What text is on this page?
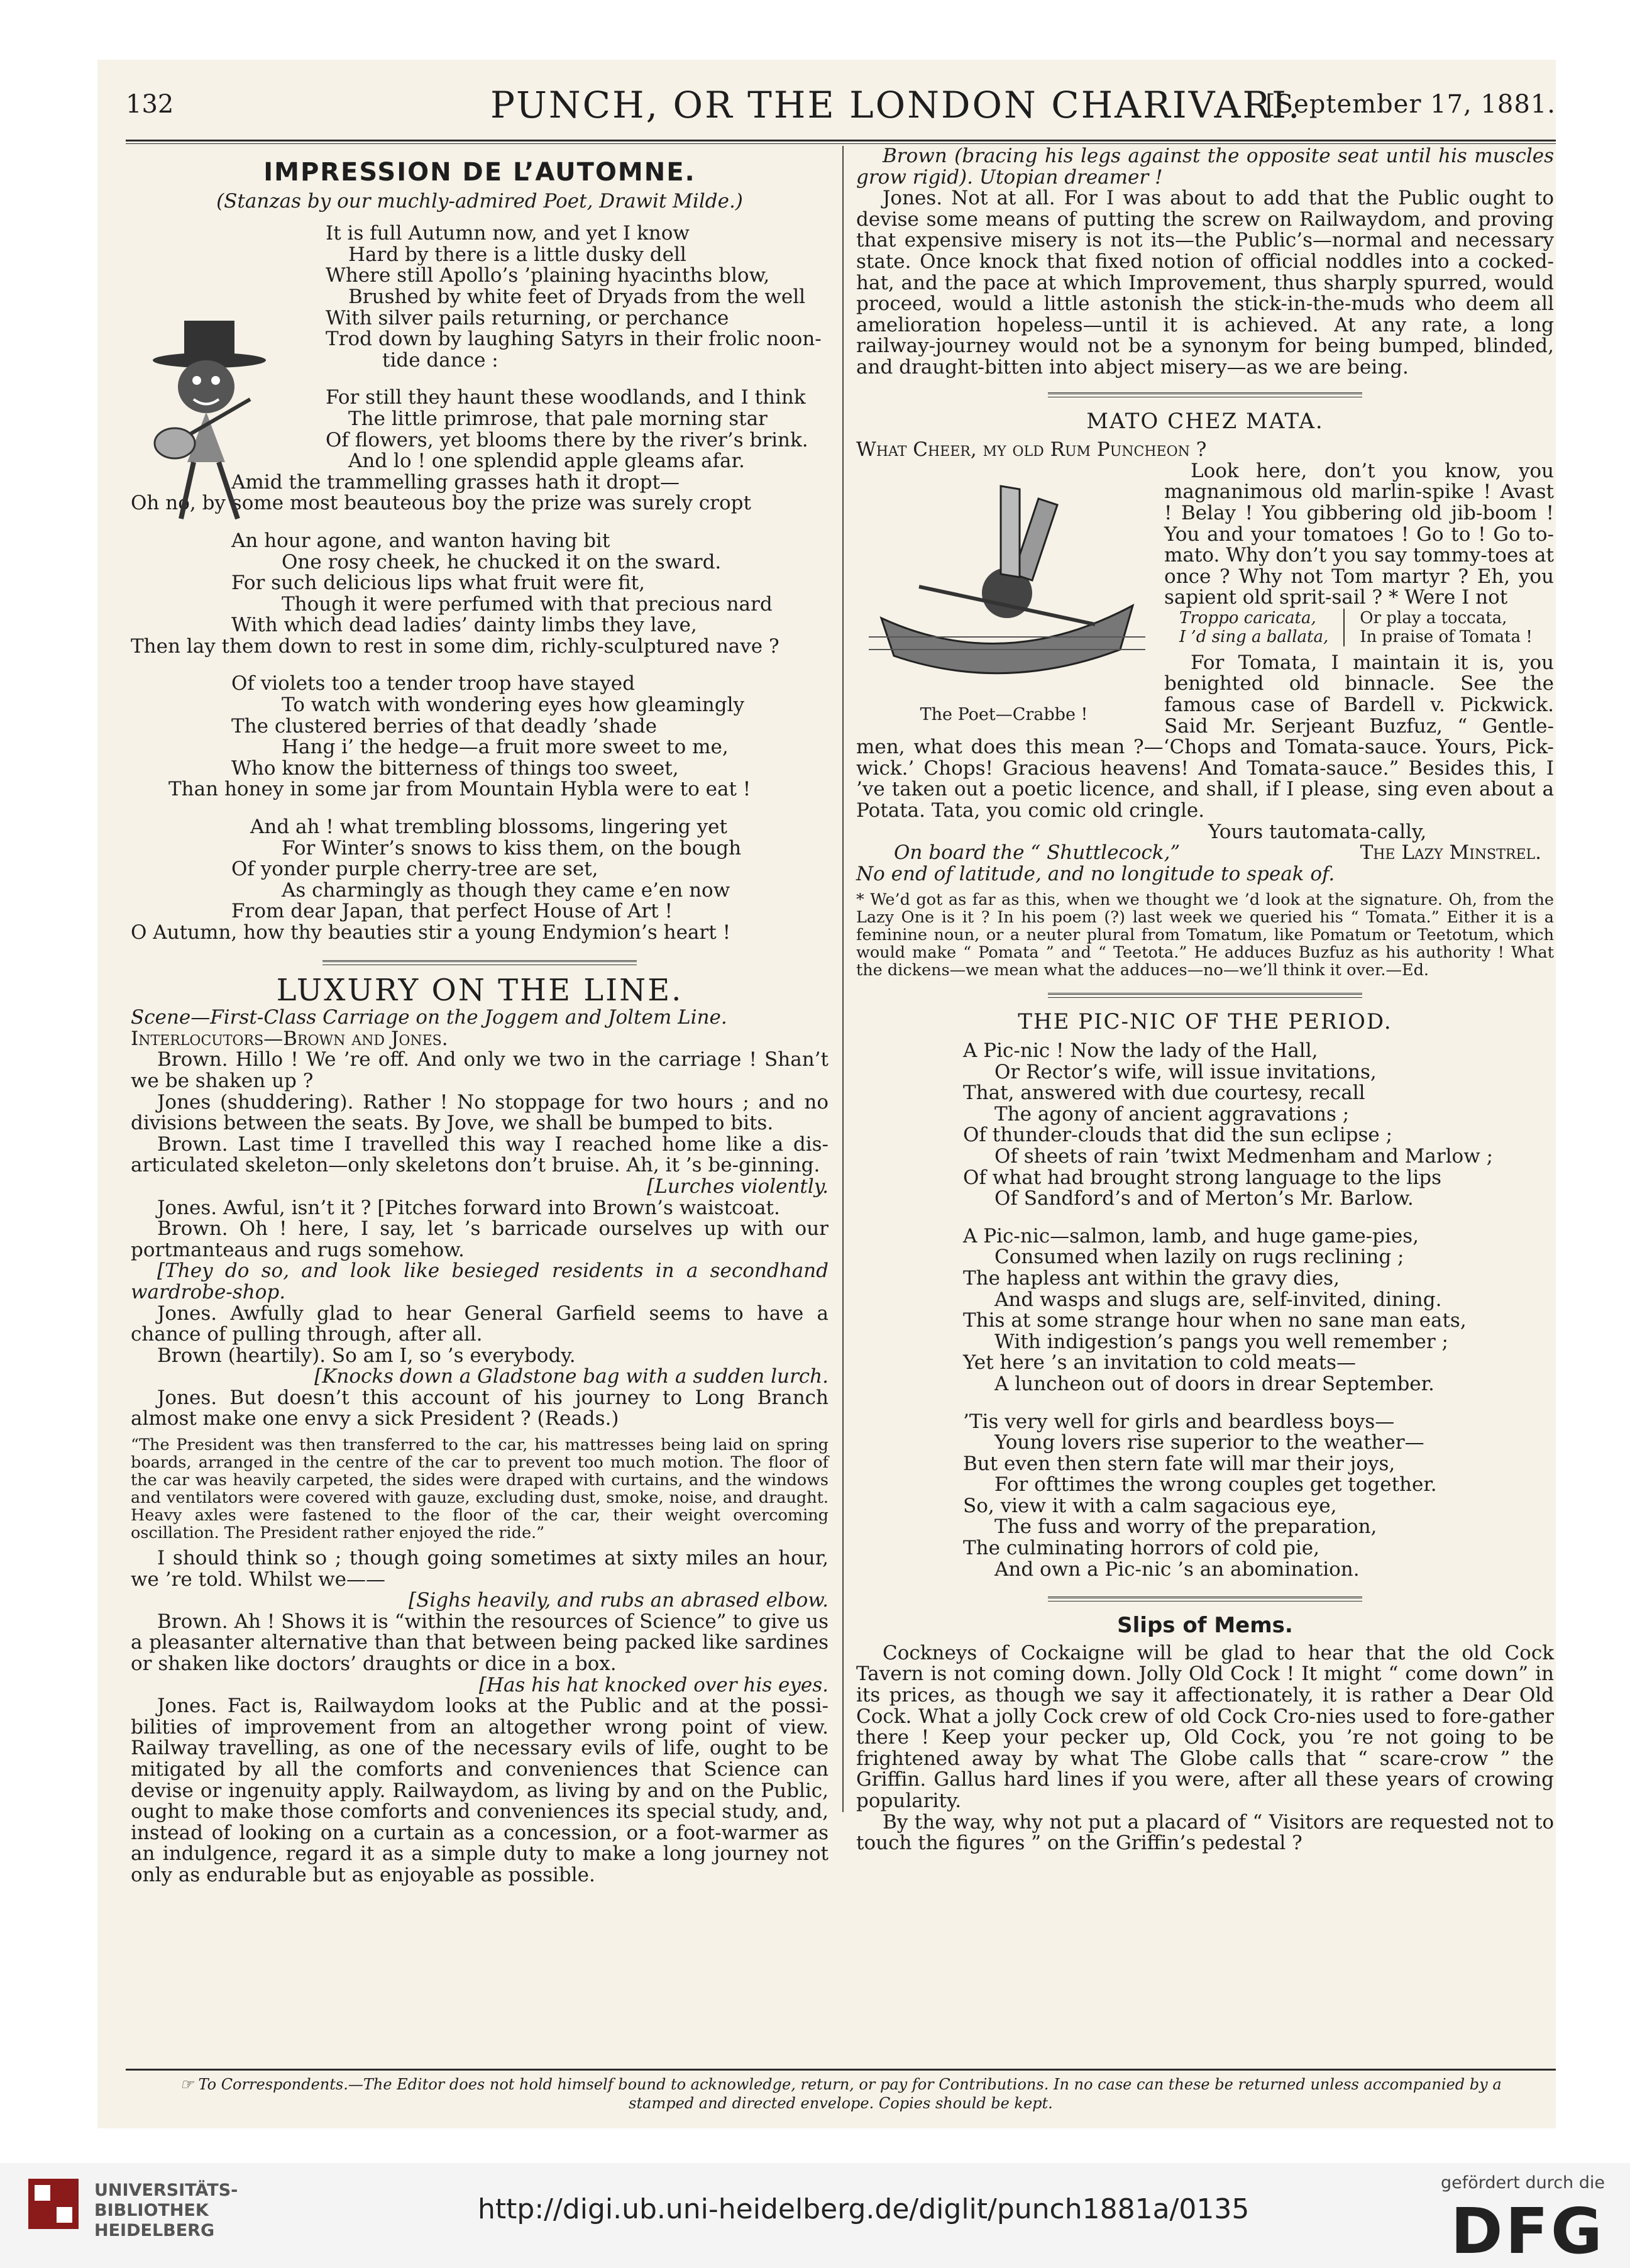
132	PUNCH, OR THE LONDON CHARIVARI.
[September 17, 1881.
IMPRESSION DE L’AUTOMNE.
(Stanzas by our muchly-admired Poet, Drawit Milde.)
It is full Autumn now, and yet I know
Hard by there is a little dusky dell
Where still Apollo’s ’plaining hyacinths blow,
Brushed by white feet of Dryads from the well
With silver pails returning, or perchance
Trod down by laughing Satyrs in their frolic noon-
tide dance :
For still they haunt these woodlands, and I think
The little primrose, that pale morning star
Of flowers, yet blooms there by the river’s brink.
And lo ! one splendid apple gleams afar.
Amid the trammelling grasses hath it dropt—
Oh no, by some most beauteous boy the prize was surely cropt
An hour agone, and wanton having bit
One rosy cheek, he chucked it on the sward.
For such delicious lips what fruit were fit,
Though it were perfumed with that precious nard
With which dead ladies’ dainty limbs they lave,
Then lay them down to rest in some dim, richly-sculptured nave ?
Of violets too a tender troop have stayed
To watch with wondering eyes how gleamingly
The clustered berries of that deadly ’shade
Hang i’ the hedge—a fruit more sweet to me,
Who know the bitterness of things too sweet,
Than honey in some jar from Mountain Hybla were to eat !
And ah ! what trembling blossoms, lingering yet
For Winter’s snows to kiss them, on the bough
Of yonder purple cherry-tree are set,
As charmingly as though they came e’en now
From dear Japan, that perfect House of Art !
O Autumn, how thy beauties stir a young Endymion’s heart !
LUXURY ON THE LINE.

Scene—First-Class Carriage on the Joggem and Joltem Line.

Interlocutors—Brown and Jones.

Brown. Hillo ! We ’re off. And only we two in the carriage ! Shan’t we be shaken up ?

Jones (shuddering). Rather ! No stoppage for two hours ; and no divisions between the seats. By Jove, we shall be bumped to bits.

Brown. Last time I travelled this way I reached home like a dis-articulated skeleton—only skeletons don’t bruise. Ah, it ’s be-ginning.

[Lurches violently.

Jones. Awful, isn’t it ? [Pitches forward into Brown’s waistcoat.

Brown. Oh ! here, I say, let ’s barricade ourselves up with our portmanteaus and rugs somehow.

[They do so, and look like besieged residents in a secondhand wardrobe-shop.

Jones. Awfully glad to hear General Garfield seems to have a chance of pulling through, after all.

Brown (heartily). So am I, so ’s everybody.

[Knocks down a Gladstone bag with a sudden lurch.

Jones. But doesn’t this account of his journey to Long Branch almost make one envy a sick President ? (Reads.)

“The President was then transferred to the car, his mattresses being laid on spring boards, arranged in the centre of the car to prevent too much motion. The floor of the car was heavily carpeted, the sides were draped with curtains, and the windows and ventilators were covered with gauze, excluding dust, smoke, noise, and draught. Heavy axles were fastened to the floor of the car, their weight overcoming oscillation. The President rather enjoyed the ride.”

I should think so ; though going sometimes at sixty miles an hour, we ’re told. Whilst we——

[Sighs heavily, and rubs an abrased elbow.

Brown. Ah ! Shows it is “within the resources of Science” to give us a pleasanter alternative than that between being packed like sardines or shaken like doctors’ draughts or dice in a box.

[Has his hat knocked over his eyes.

Jones. Fact is, Railwaydom looks at the Public and at the possi-bilities of improvement from an altogether wrong point of view. Railway travelling, as one of the necessary evils of life, ought to be mitigated by all the comforts and conveniences that Science can devise or ingenuity apply. Railwaydom, as living by and on the Public, ought to make those comforts and conveniences its special study, and, instead of looking on a curtain as a concession, or a foot-warmer as an indulgence, regard it as a simple duty to make a long journey not only as endurable but as enjoyable as possible.

Brown (bracing his legs against the opposite seat until his muscles grow rigid). Utopian dreamer !

Jones. Not at all. For I was about to add that the Public ought to devise some means of putting the screw on Railwaydom, and proving that expensive misery is not its—the Public’s—normal and necessary state. Once knock that fixed notion of official noddles into a cocked-hat, and the pace at which Improvement, thus sharply spurred, would proceed, would a little astonish the stick-in-the-muds who deem all amelioration hopeless—until it is achieved. At any rate, a long railway-journey would not be a synonym for being bumped, blinded, and draught-bitten into abject misery—as we are being.

MATO CHEZ MATA.

What Cheer, my old Rum Puncheon ?

The Poet—Crabbe !

Look here, don’t you know, you magnanimous old marlin-spike ! Avast ! Belay ! You gibbering old jib-boom ! You and your tomatoes ! Go to ! Go to-mato. Why don’t you say tommy-toes at once ? Why not Tom martyr ? Eh, you sapient old sprit-sail ? * Were I not

Troppo caricata,
I ’d sing a ballata,
Or play a toccata,
In praise of Tomata !

For Tomata, I maintain it is, you benighted old binnacle. See the famous case of Bardell v. Pickwick. Said Mr. Serjeant Buzfuz, “ Gentle-men, what does this mean ?—‘Chops and Tomata-sauce. Yours, Pick-wick.’ Chops! Gracious heavens! And Tomata-sauce.” Besides this, I ’ve taken out a poetic licence, and shall, if I please, sing even about a Potata. Tata, you comic old cringle.

Yours tautomata-cally,

On board the “ Shuttlecock,”	The Lazy Minstrel.

No end of latitude, and no longitude to speak of.

* We’d got as far as this, when we thought we ’d look at the signature. Oh, from the Lazy One is it ? In his poem (?) last week we queried his “ Tomata.” Either it is a feminine noun, or a neuter plural from Tomatum, like Pomatum or Teetotum, which would make “ Pomata ” and “ Teetota.” He adduces Buzfuz as his authority ! What the dickens—we mean what the adduces—no—we’ll think it over.—Ed.
THE PIC-NIC OF THE PERIOD.
A Pic-nic ! Now the lady of the Hall,
Or Rector’s wife, will issue invitations,
That, answered with due courtesy, recall
The agony of ancient aggravations ;
Of thunder-clouds that did the sun eclipse ;
Of sheets of rain ’twixt Medmenham and Marlow ;
Of what had brought strong language to the lips
Of Sandford’s and of Merton’s Mr. Barlow.
A Pic-nic—salmon, lamb, and huge game-pies,
Consumed when lazily on rugs reclining ;
The hapless ant within the gravy dies,
And wasps and slugs are, self-invited, dining.
This at some strange hour when no sane man eats,
With indigestion’s pangs you well remember ;
Yet here ’s an invitation to cold meats—
A luncheon out of doors in drear September.
’Tis very well for girls and beardless boys—
Young lovers rise superior to the weather—
But even then stern fate will mar their joys,
For ofttimes the wrong couples get together.
So, view it with a calm sagacious eye,
The fuss and worry of the preparation,
The culminating horrors of cold pie,
And own a Pic-nic ’s an abomination.
Slips of Mems.

Cockneys of Cockaigne will be glad to hear that the old Cock Tavern is not coming down. Jolly Old Cock ! It might “ come down” in its prices, as though we say it affectionately, it is rather a Dear Old Cock. What a jolly Cock crew of old Cock Cro-nies used to fore-gather there ! Keep your pecker up, Old Cock, you ’re not going to be frightened away by what The Globe calls that “ scare-crow ” the Griffin. Gallus hard lines if you were, after all these years of crowing popularity.

By the way, why not put a placard of “ Visitors are requested not to touch the figures ” on the Griffin’s pedestal ?

☞ To Correspondents.—The Editor does not hold himself bound to acknowledge, return, or pay for Contributions. In no case can these be returned unless accompanied by a
stamped and directed envelope. Copies should be kept.
UNIVERSITÄTS-
BIBLIOTHEK
HEIDELBERG
http://digi.ub.uni-heidelberg.de/diglit/punch1881a/0135
gefördert durch die
DFG
